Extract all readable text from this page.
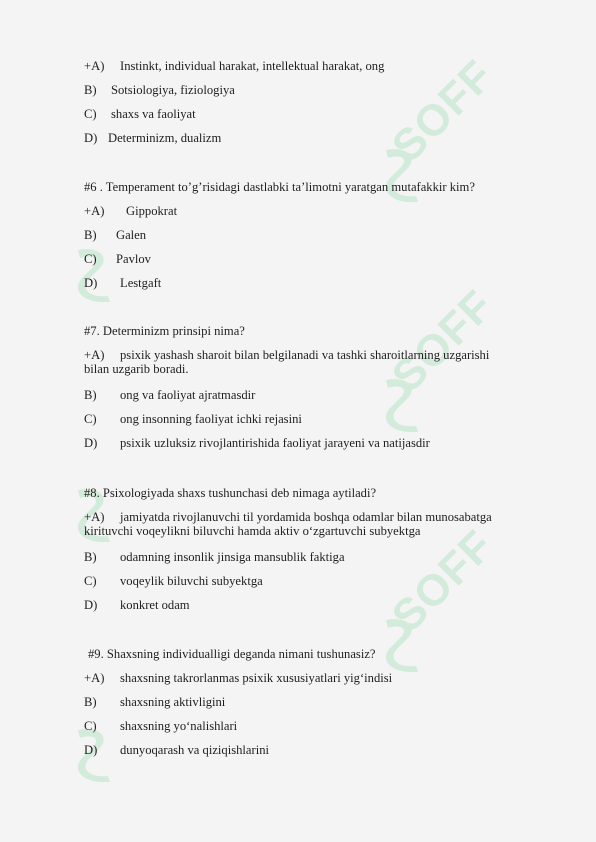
SOFF
SOFF
SOFF
+A) Instinkt, individual harakat, intellektual harakat, ong
B) Sotsiologiya, fiziologiya
C) shaxs va faoliyat
D) Determinizm, dualizm
#6 . Temperament to’g’risidagi dastlabki ta’limotni yaratgan mutafakkir kim?
+A) Gippokrat
B) Galen
C) Pavlov
D) Lestgaft
#7. Determinizm prinsipi nima?
+A) psixik yashash sharoit bilan belgilanadi va tashki sharoitlarning uzgarishi
bilan uzgarib boradi.
B) ong va faoliyat ajratmasdir
C) ong insonning faoliyat ichki rejasini
D) psixik uzluksiz rivojlantirishida faoliyat jarayeni va natijasdir
#8. Psixologiyada shaxs tushunchasi deb nimaga aytiladi?
+A) jamiyatda rivojlanuvchi til yordamida boshqa odamlar bilan munosabatga
kirituvchi voqeylikni biluvchi hamda aktiv o‘zgartuvchi subyektga
B) odamning insonlik jinsiga mansublik faktiga
C) voqeylik biluvchi subyektga
D) konkret odam
#9. Shaxsning individualligi deganda nimani tushunasiz?
+A) shaxsning takrorlanmas psixik xususiyatlari yig‘indisi
B) shaxsning aktivligini
C) shaxsning yo‘nalishlari
D) dunyoqarash va qiziqishlarini
